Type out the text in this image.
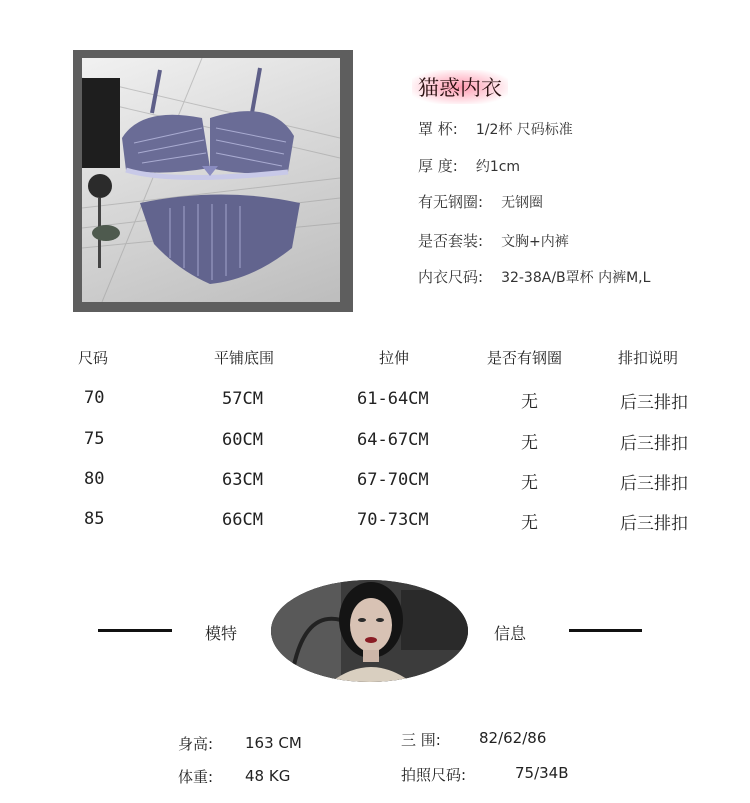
猫惑内衣
罩 杯: 1/2杯 尺码标准
厚 度: 约1cm
有无钢圈: 无钢圈
是否套装: 文胸+内裤
内衣尺码: 32-38A/B罩杯 内裤M,L
尺码	平铺底围	拉伸	是否有钢圈	排扣说明
70	57CM	61-64CM	无	后三排扣
75	60CM	64-67CM	无	后三排扣
80	63CM	67-70CM	无	后三排扣
85	66CM	70-73CM	无	后三排扣
模特	信息
身高: 163 CM
体重: 48 KG
三 围:	82/62/86
拍照尺码:	75/34B
